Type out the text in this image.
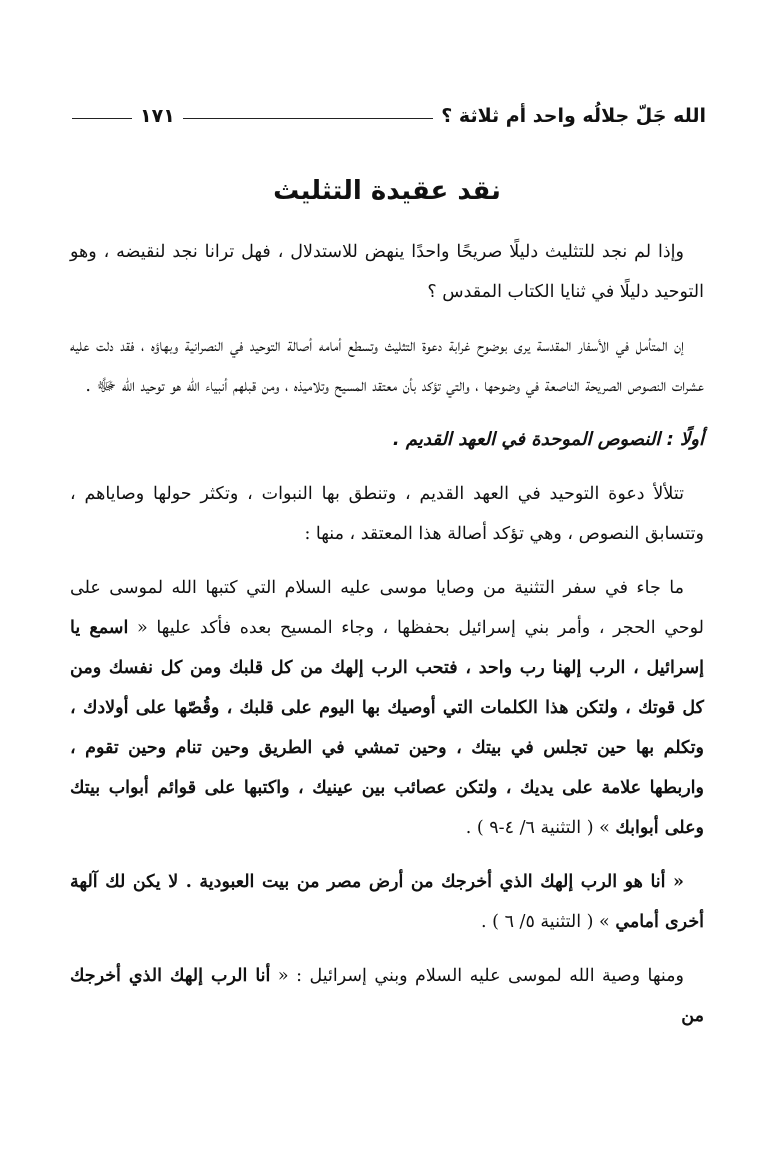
الله جَلّ جلالُه واحد أم ثلاثة ؟
١٧١
نقد عقيدة التثليث

وإذا لم نجد للتثليث دليلًا صريحًا واحدًا ينهض للاستدلال ، فهل ترانا نجد لنقيضه ، وهو التوحيد دليلًا في ثنايا الكتاب المقدس ؟

إن المتأمل في الأسفار المقدسة يرى بوضوح غرابة دعوة التثليث وتسطع أمامه أصالة التوحيد في النصرانية وبهاؤه ، فقد دلت عليه عشرات النصوص الصريحة الناصعة في وضوحها ، والتي تؤكد بأن معتقد المسيح وتلاميذه ، ومن قبلهم أنبياء الله هو توحيد الله ﷻ .

أولًا : النصوص الموحدة في العهد القديم .

تتلألأ دعوة التوحيد في العهد القديم ، وتنطق بها النبوات ، وتكثر حولها وصاياهم ، وتتسابق النصوص ، وهي تؤكد أصالة هذا المعتقد ، منها :

ما جاء في سفر التثنية من وصايا موسى عليه السلام التي كتبها الله لموسى على لوحي الحجر ، وأمر بني إسرائيل بحفظها ، وجاء المسيح بعده فأكد عليها « اسمع يا إسرائيل ، الرب إلهنا رب واحد ، فتحب الرب إلهك من كل قلبك ومن كل نفسك ومن كل قوتك ، ولتكن هذا الكلمات التي أوصيك بها اليوم على قلبك ، وقُصّها على أولادك ، وتكلم بها حين تجلس في بيتك ، وحين تمشي في الطريق وحين تنام وحين تقوم ، واربطها علامة على يديك ، ولتكن عصائب بين عينيك ، واكتبها على قوائم أبواب بيتك وعلى أبوابك » ( التثنية ٦/ ٤-٩ ) .

« أنا هو الرب إلهك الذي أخرجك من أرض مصر من بيت العبودية . لا يكن لك آلهة أخرى أمامي » ( التثنية ٥/ ٦ ) .

ومنها وصية الله لموسى عليه السلام وبني إسرائيل : « أنا الرب إلهك الذي أخرجك من
